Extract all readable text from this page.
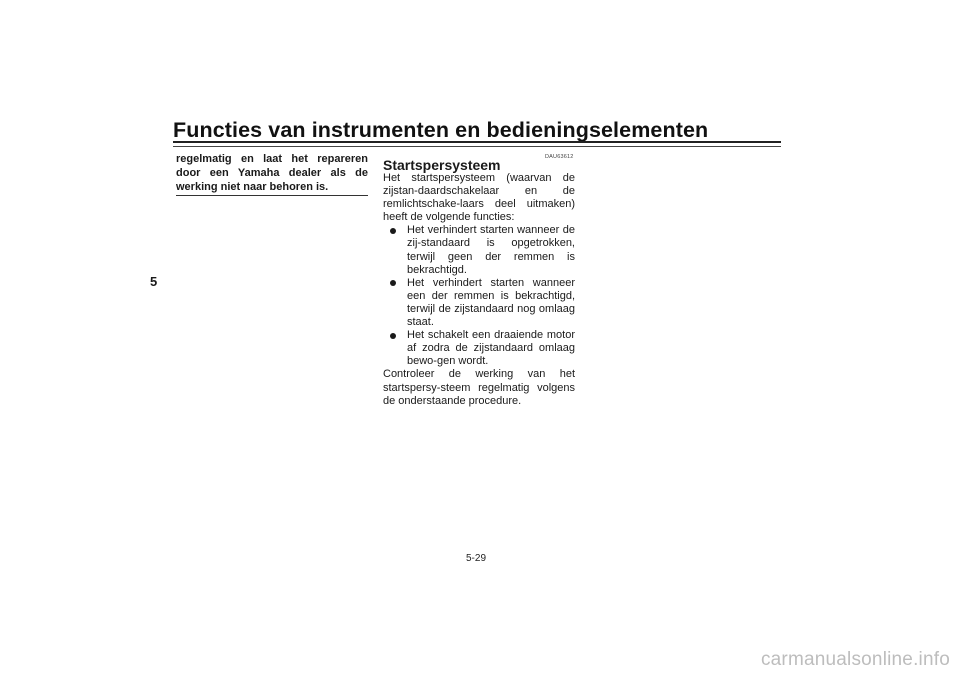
Functies van instrumenten en bedieningselementen
5
regelmatig en laat het repareren door een Yamaha dealer als de werking niet naar behoren is.
DAU63612
Startspersysteem

Het startspersysteem (waarvan de zijstan-daardschakelaar en de remlichtschake-laars deel uitmaken) heeft de volgende functies:

Het verhindert starten wanneer de zij-standaard is opgetrokken, terwijl geen der remmen is bekrachtigd.
Het verhindert starten wanneer een der remmen is bekrachtigd, terwijl de zijstandaard nog omlaag staat.
Het schakelt een draaiende motor af zodra de zijstandaard omlaag bewo-gen wordt.

Controleer de werking van het startspersy-steem regelmatig volgens de onderstaande procedure.

5-29
carmanualsonline.info
